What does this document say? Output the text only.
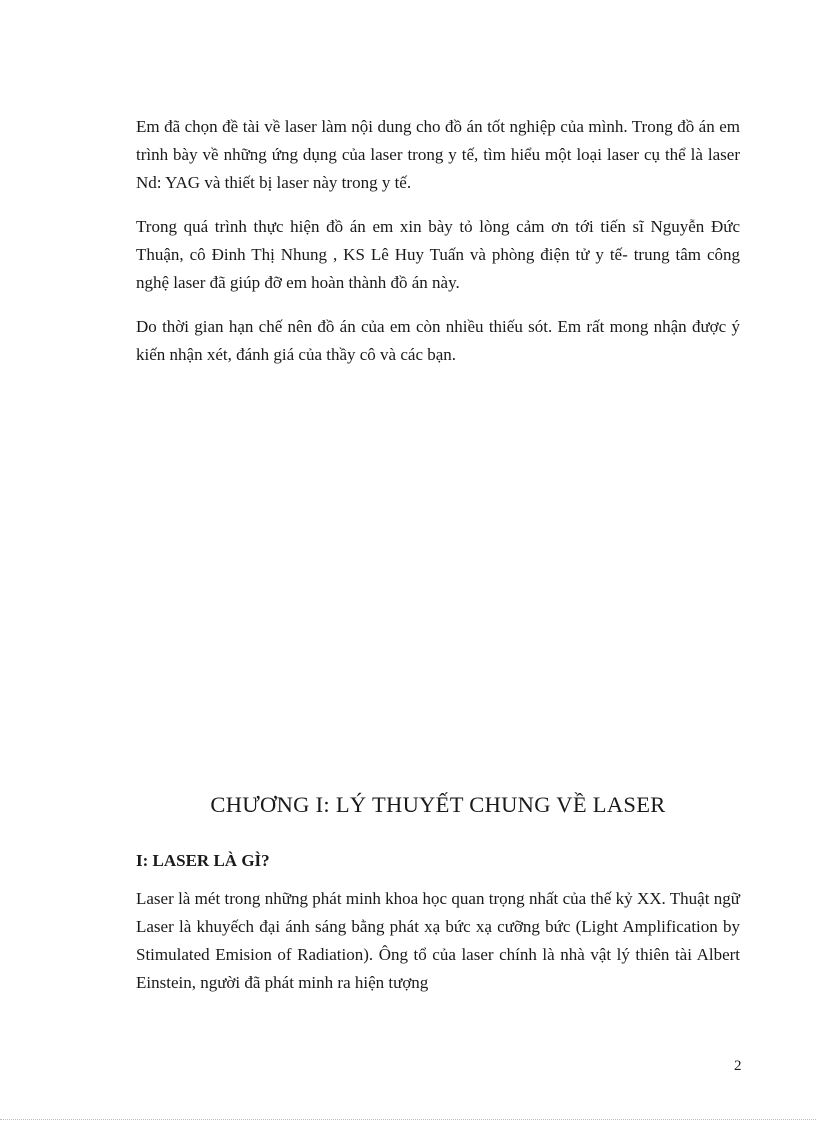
Em đã chọn đề tài về laser làm nội dung cho đồ án tốt nghiệp của mình. Trong đồ án em trình bày về những ứng dụng của laser trong y tế, tìm hiểu một loại laser cụ thể là laser Nd: YAG và thiết bị laser này trong y tế.

Trong quá trình thực hiện đồ án em xin bày tỏ lòng cảm ơn tới tiến sĩ Nguyễn Đức Thuận, cô Đinh Thị Nhung , KS Lê Huy Tuấn và phòng điện tử y tế- trung tâm công nghệ laser đã giúp đỡ em hoàn thành đồ án này.

Do thời gian hạn chế nên đồ án của em còn nhiều thiếu sót. Em rất mong nhận được ý kiến nhận xét, đánh giá của thầy cô và các bạn.

CHƯƠNG I: LÝ THUYẾT CHUNG VỀ LASER
I: LASER LÀ GÌ?

Laser là mét trong những phát minh khoa học quan trọng nhất của thế kỷ XX. Thuật ngữ Laser là khuyếch đại ánh sáng bằng phát xạ bức xạ cưỡng bức (Light Amplification by Stimulated Emision of Radiation). Ông tổ của laser chính là nhà vật lý thiên tài Albert Einstein, người đã phát minh ra hiện tượng

2
